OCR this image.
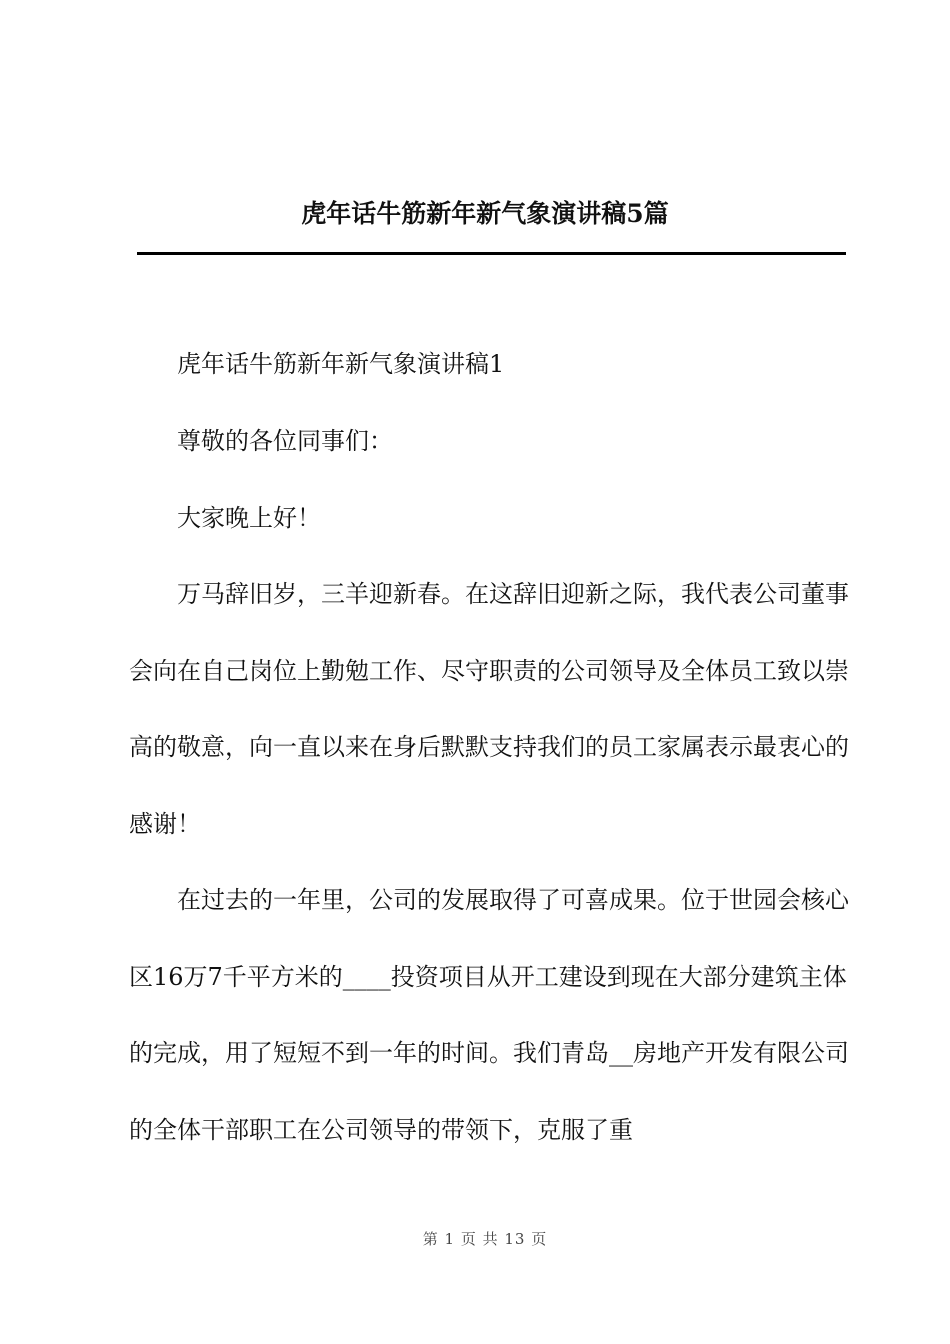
虎年话牛筋新年新气象演讲稿5篇

虎年话牛筋新年新气象演讲稿1

尊敬的各位同事们：

大家晚上好！

万马辞旧岁，三羊迎新春。在这辞旧迎新之际，我代表公司董事会向在自己岗位上勤勉工作、尽守职责的公司领导及全体员工致以崇高的敬意，向一直以来在身后默默支持我们的员工家属表示最衷心的感谢！

在过去的一年里，公司的发展取得了可喜成果。位于世园会核心区16万7千平方米的____投资项目从开工建设到现在大部分建筑主体的完成，用了短短不到一年的时间。我们青岛__房地产开发有限公司的全体干部职工在公司领导的带领下，克服了重

第 1 页 共 13 页
